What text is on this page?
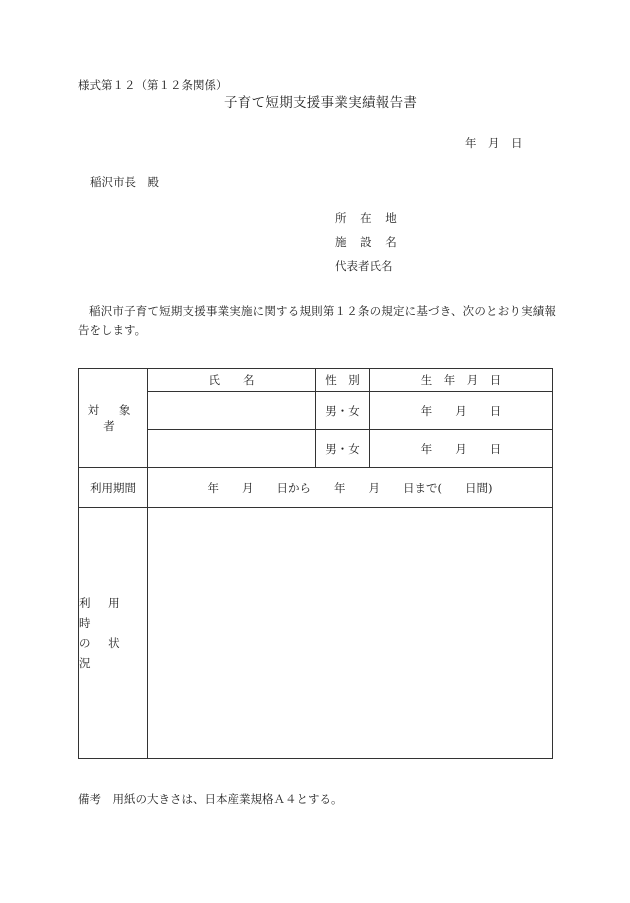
様式第１２（第１２条関係）
子育て短期支援事業実績報告書
年　月　日
稲沢市長　殿
所 在 地
施 設 名
代表者氏名
稲沢市子育て短期支援事業実施に関する規則第１２条の規定に基づき、次のとおり実績報告をします。
対 象 者	氏　　名	性　別	生　年　月　日
		男・女	年　　月　　日
		男・女	年　　月　　日
利用期間	年　　月　　日から　　年　　月　　日まで(　　日間)		
利 用 時
の 状 況			
備考　用紙の大きさは、日本産業規格Ａ４とする。
